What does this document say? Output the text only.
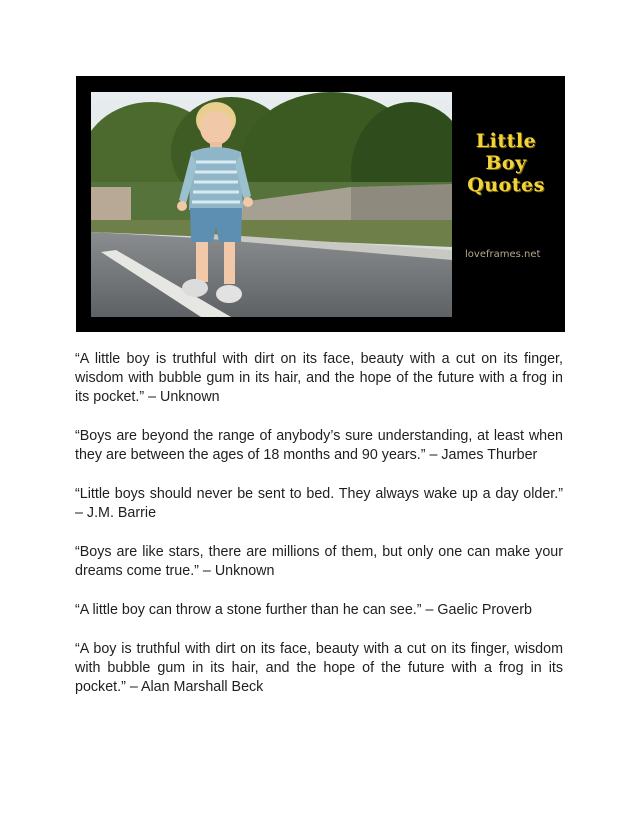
Little
Boy
Quotes
loveframes.net

“A little boy is truthful with dirt on its face, beauty with a cut on its finger, wisdom with bubble gum in its hair, and the hope of the future with a frog in its pocket.” – Unknown

“Boys are beyond the range of anybody’s sure understanding, at least when they are between the ages of 18 months and 90 years.” – James Thurber

“Little boys should never be sent to bed. They always wake up a day older.” – J.M. Barrie

“Boys are like stars, there are millions of them, but only one can make your dreams come true.” – Unknown

“A little boy can throw a stone further than he can see.” – Gaelic Proverb

“A boy is truthful with dirt on its face, beauty with a cut on its finger, wisdom with bubble gum in its hair, and the hope of the future with a frog in its pocket.” – Alan Marshall Beck
